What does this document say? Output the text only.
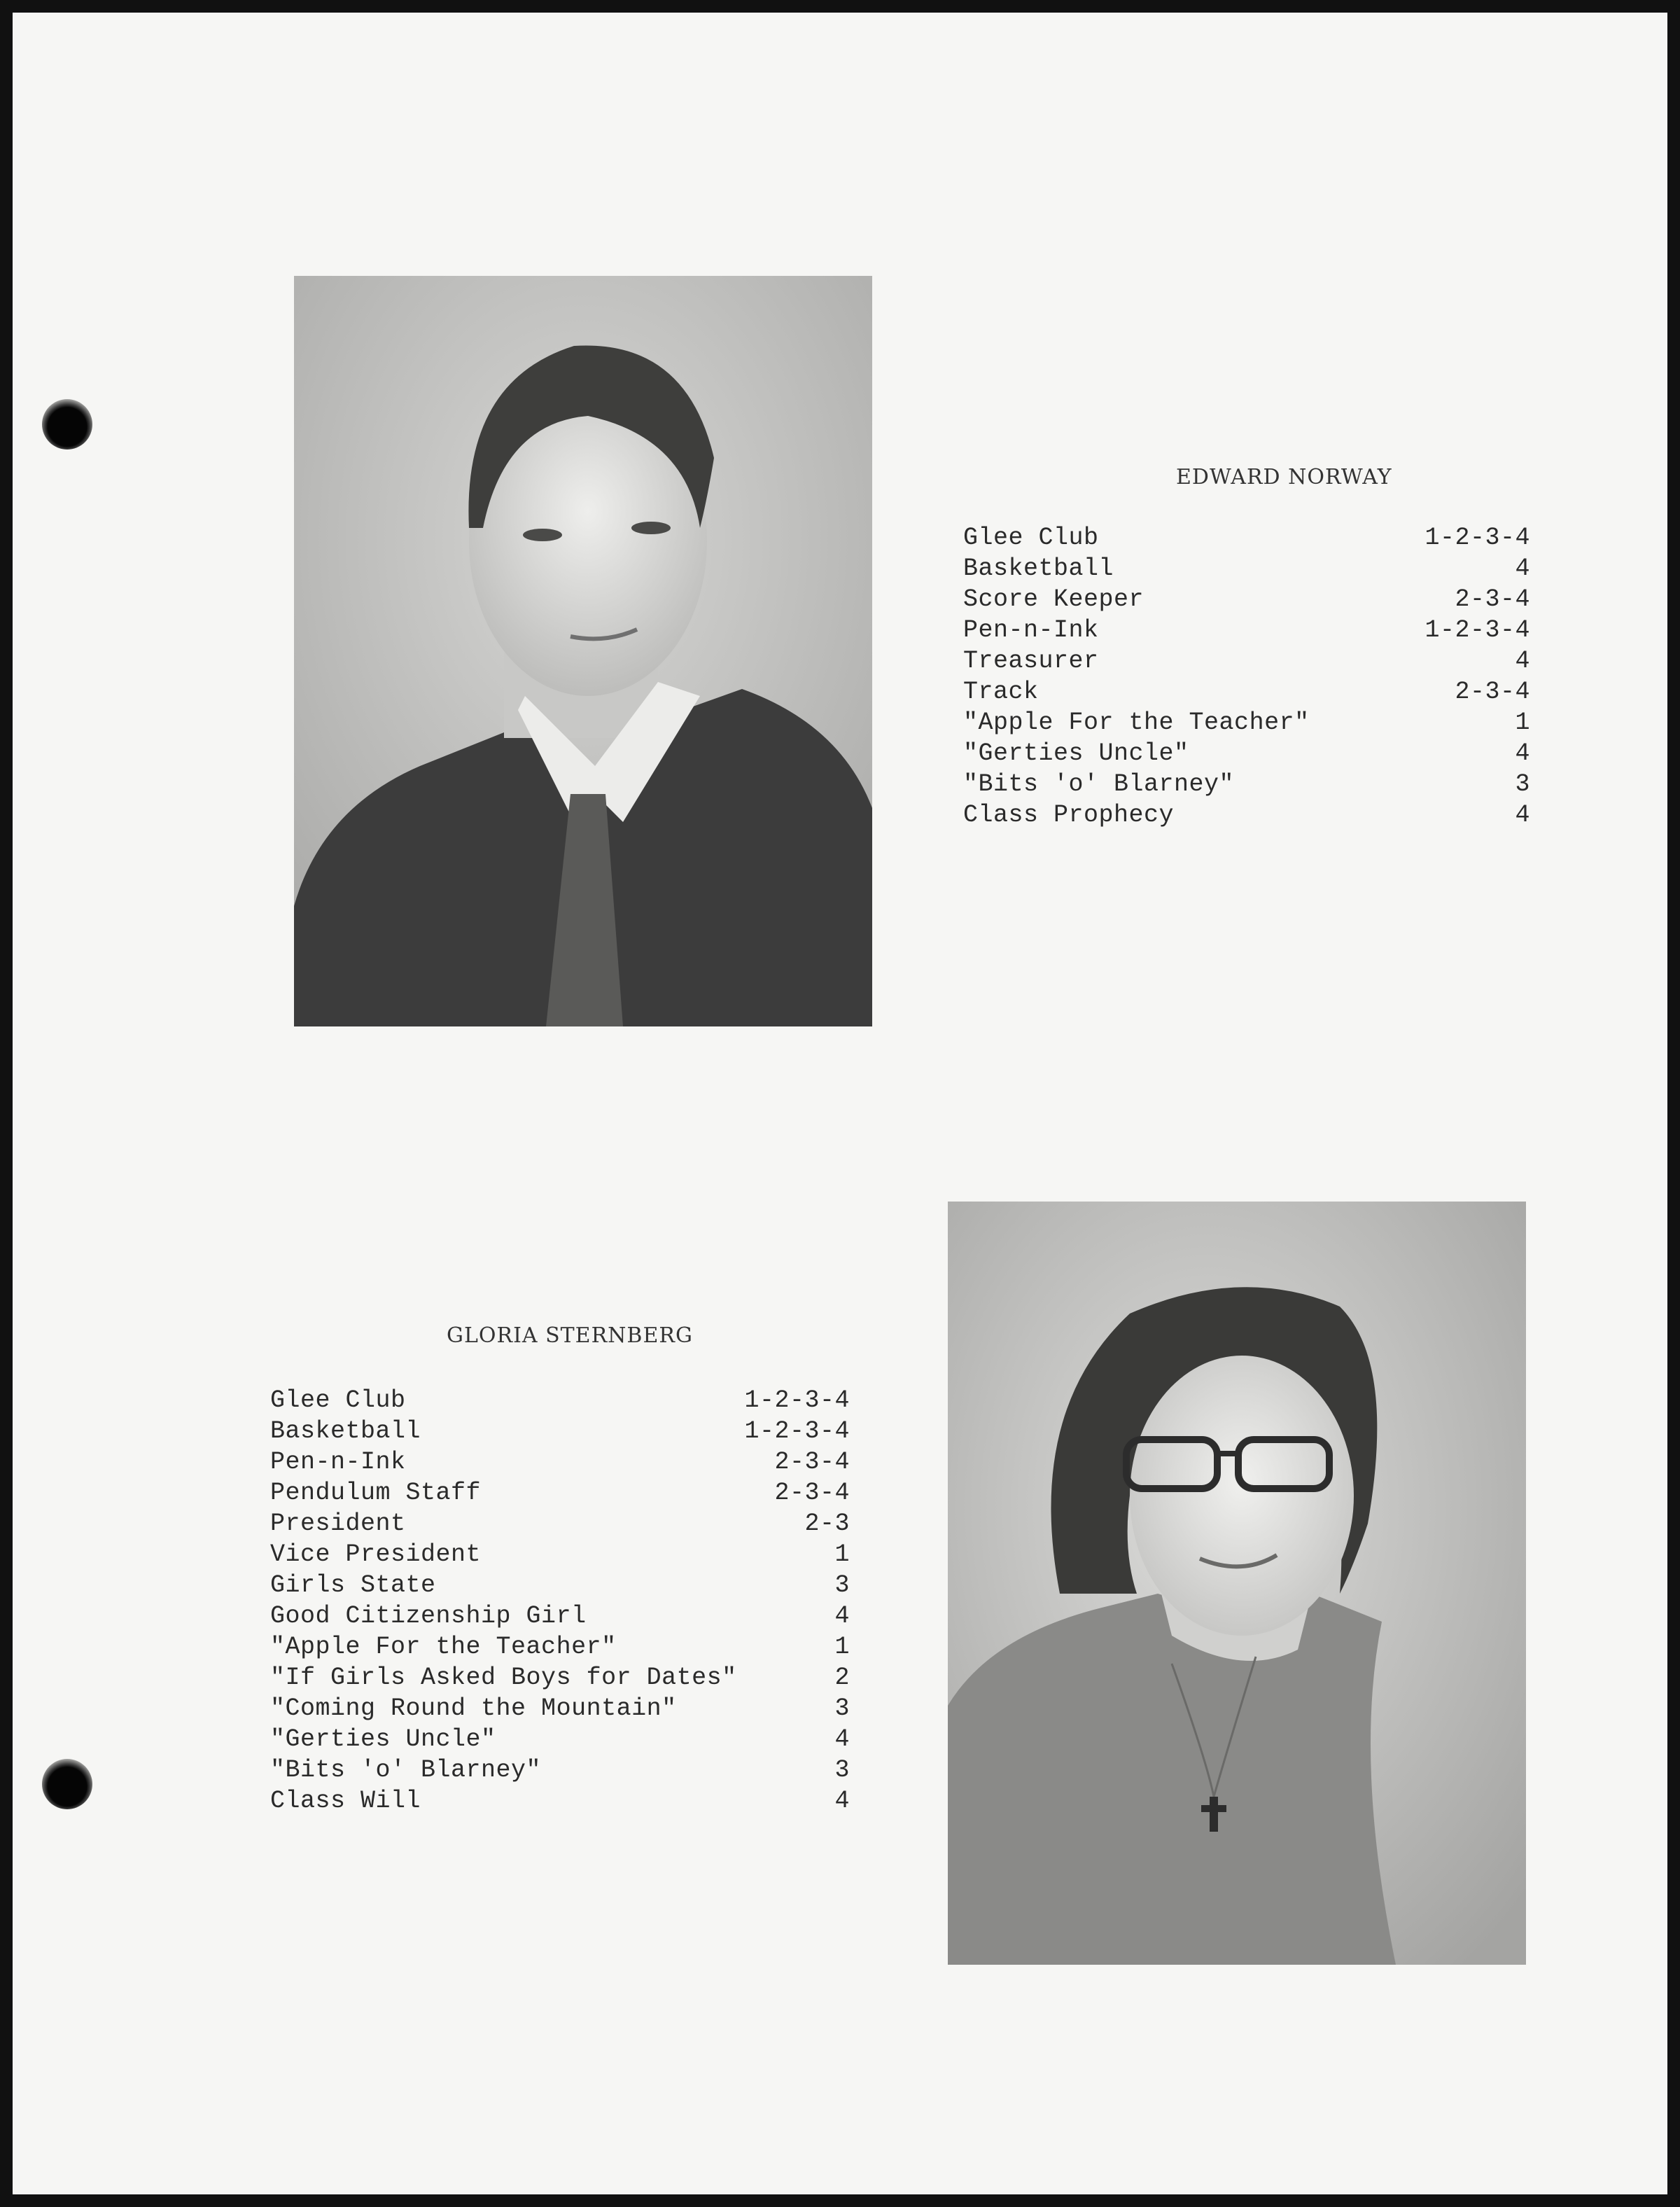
EDWARD NORWAY
Glee Club	1-2-3-4
Basketball	4
Score Keeper	2-3-4
Pen-n-Ink	1-2-3-4
Treasurer	4
Track	2-3-4
"Apple For the Teacher"	1
"Gerties Uncle"	4
"Bits 'o' Blarney"	3
Class Prophecy	4
GLORIA STERNBERG
Glee Club	1-2-3-4
Basketball	1-2-3-4
Pen-n-Ink	2-3-4
Pendulum Staff	2-3-4
President	2-3
Vice President	1
Girls State	3
Good Citizenship Girl	4
"Apple For the Teacher"	1
"If Girls Asked Boys for Dates"	2
"Coming Round the Mountain"	3
"Gerties Uncle"	4
"Bits 'o' Blarney"	3
Class Will	4
